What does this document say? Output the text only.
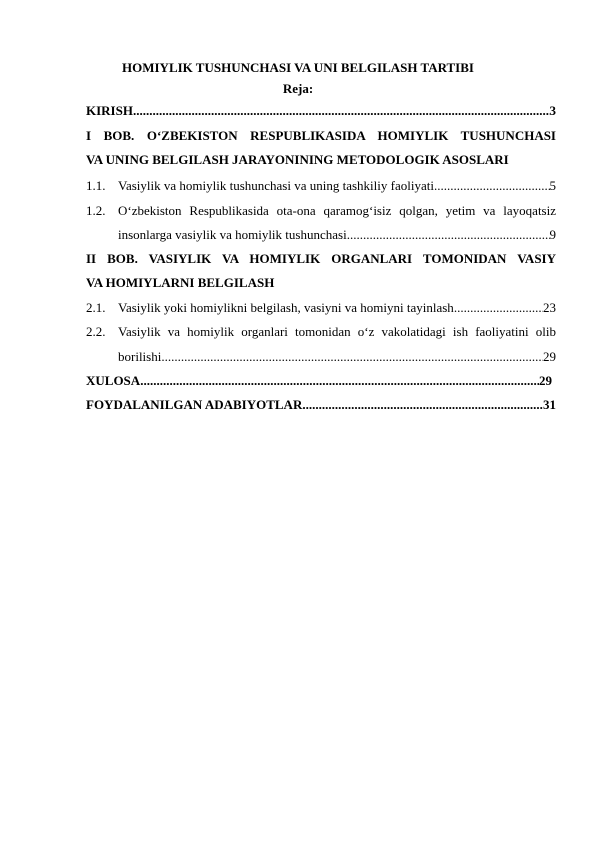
HOMIYLIK TUSHUNCHASI VA UNI BELGILASH TARTIBI
Reja:
KIRISH .....	3
I BOB. O‘ZBEKISTON RESPUBLIKASIDA HOMIYLIK TUSHUNCHASI
VA UNING BELGILASH JARAYONINING METODOLOGIK ASOSLARI
1.1. Vasiylik va homiylik tushunchasi va uning tashkiliy faoliyati .....	5
1.2. O‘zbekiston Respublikasida ota-ona qaramog‘isiz qolgan, yetim va layoqatsiz
insonlarga vasiylik va homiylik tushunchasi .....	9
II BOB. VASIYLIK VA HOMIYLIK ORGANLARI TOMONIDAN VASIY
VA HOMIYLARNI BELGILASH
2.1. Vasiylik yoki homiylikni belgilash, vasiyni va homiyni tayinlash .....	23
2.2. Vasiylik va homiylik organlari tomonidan o‘z vakolatidagi ish faoliyatini olib
borilishi .....	29
XULOSA .....	29
FOYDALANILGAN ADABIYOTLAR .....	31
